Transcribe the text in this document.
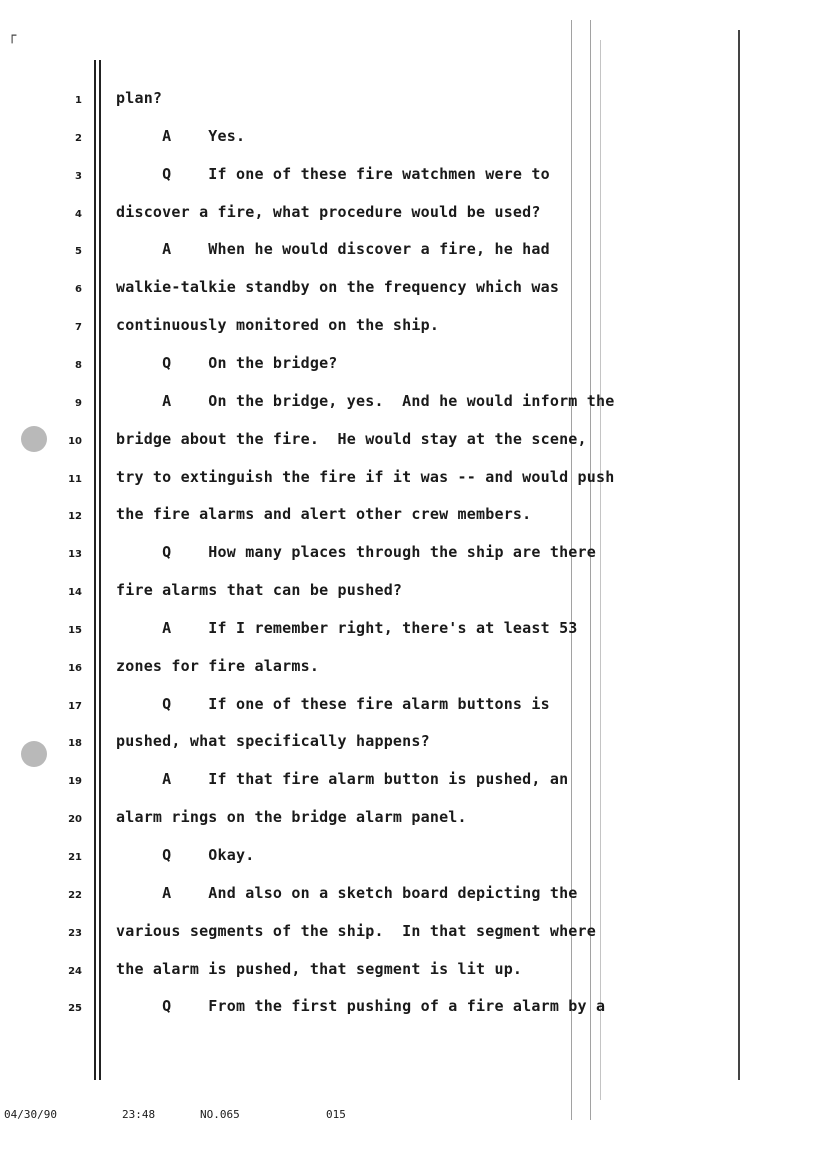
┌
1 plan?
2 A    Yes.
3 Q    If one of these fire watchmen were to
4 discover a fire, what procedure would be used?
5 A    When he would discover a fire, he had
6 walkie-talkie standby on the frequency which was
7 continuously monitored on the ship.
8 Q    On the bridge?
9 A    On the bridge, yes.  And he would inform the
10 bridge about the fire.  He would stay at the scene,
11 try to extinguish the fire if it was -- and would push
12 the fire alarms and alert other crew members.
13 Q    How many places through the ship are there
14 fire alarms that can be pushed?
15 A    If I remember right, there's at least 53
16 zones for fire alarms.
17 Q    If one of these fire alarm buttons is
18 pushed, what specifically happens?
19 A    If that fire alarm button is pushed, an
20 alarm rings on the bridge alarm panel.
21 Q    Okay.
22 A    And also on a sketch board depicting the
23 various segments of the ship.  In that segment where
24 the alarm is pushed, that segment is lit up.
25 Q    From the first pushing of a fire alarm by a
04/30/90	23:48	NO.065	015
